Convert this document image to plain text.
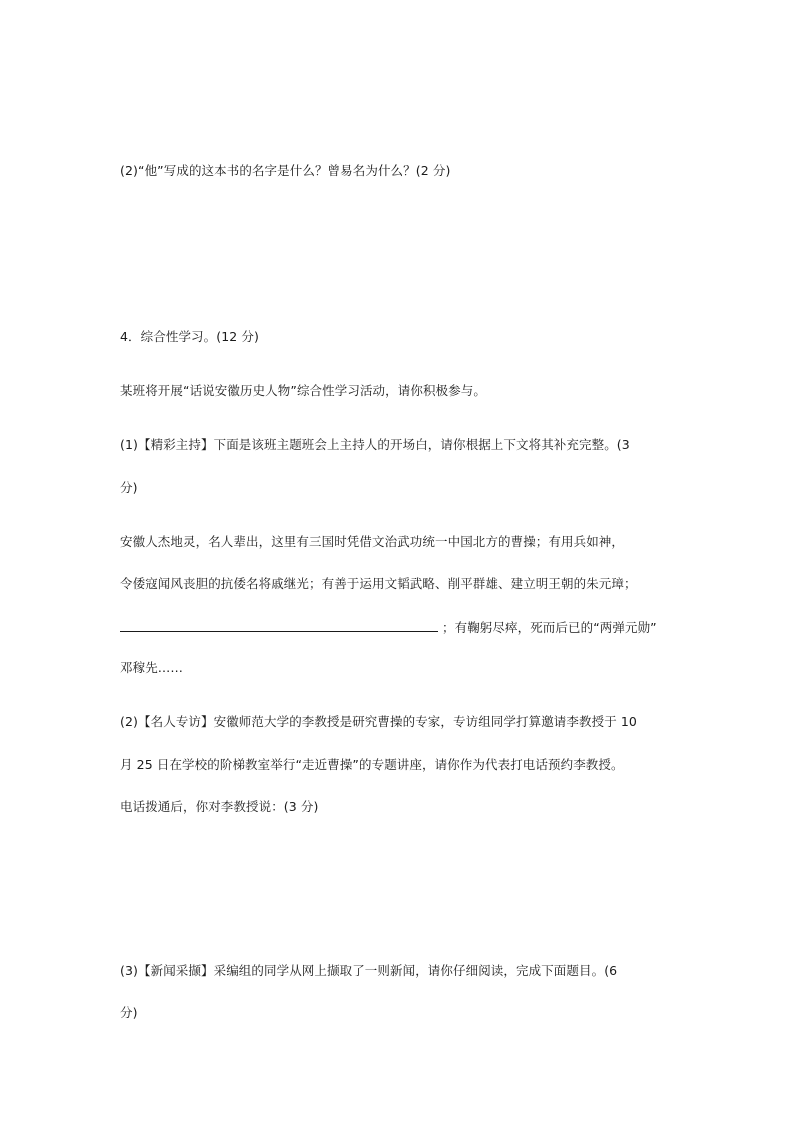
(2)“他”写成的这本书的名字是什么？曾易名为什么？(2 分)
4．综合性学习。(12 分)
某班将开展“话说安徽历史人物”综合性学习活动，请你积极参与。
(1)【精彩主持】下面是该班主题班会上主持人的开场白，请你根据上下文将其补充完整。(3
分)
安徽人杰地灵，名人辈出，这里有三国时凭借文治武功统一中国北方的曹操；有用兵如神，
令倭寇闻风丧胆的抗倭名将戚继光；有善于运用文韬武略、削平群雄、建立明王朝的朱元璋；
；有鞠躬尽瘁，死而后已的“两弹元勋”
邓稼先……
(2)【名人专访】安徽师范大学的李教授是研究曹操的专家，专访组同学打算邀请李教授于 10
月 25 日在学校的阶梯教室举行“走近曹操”的专题讲座，请你作为代表打电话预约李教授。
电话拨通后，你对李教授说：(3 分)
(3)【新闻采撷】采编组的同学从网上撷取了一则新闻，请你仔细阅读，完成下面题目。(6
分)
